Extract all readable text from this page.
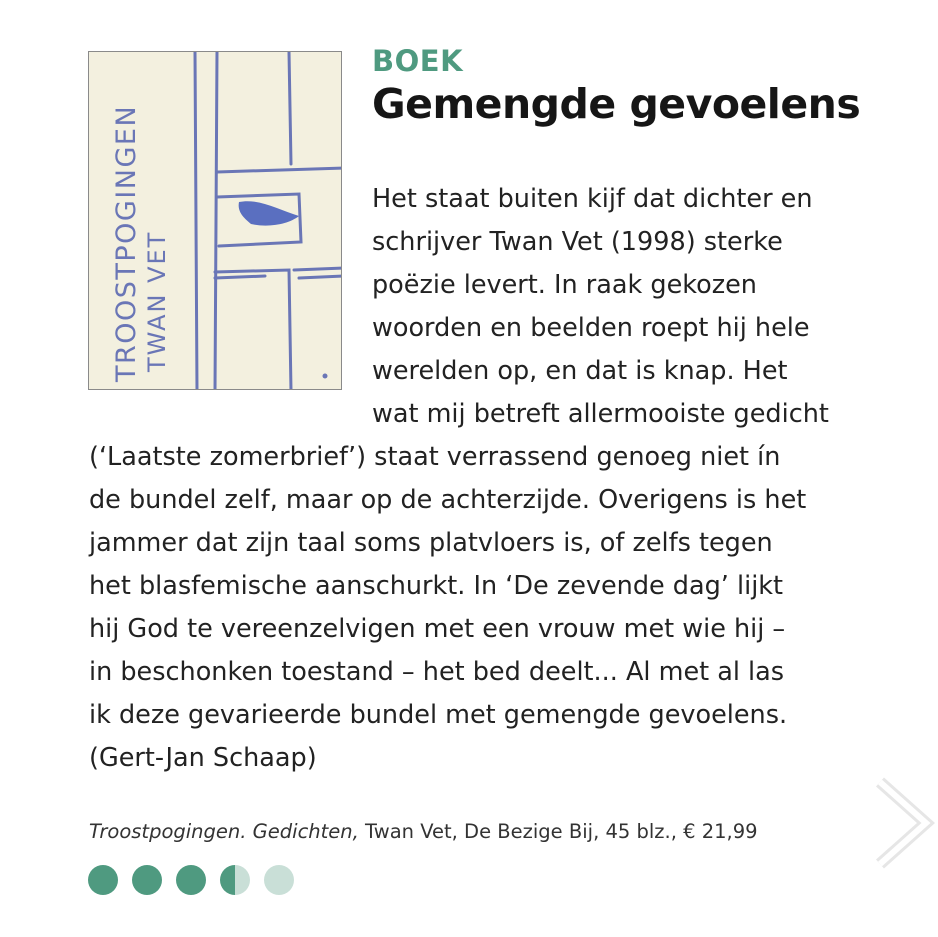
TROOSTPOGINGEN TWAN VET
BOEK
Gemengde gevoelens
Het staat buiten kijf dat dichter en
schrijver Twan Vet (1998) sterke
poëzie levert. In raak gekozen
woorden en beelden roept hij hele
werelden op, en dat is knap. Het
wat mij betreft allermooiste gedicht
(‘Laatste zomerbrief’) staat verrassend genoeg niet ín
de bundel zelf, maar op de achterzijde. Overigens is het
jammer dat zijn taal soms platvloers is, of zelfs tegen
het blasfemische aanschurkt. In ‘De zevende dag’ lijkt
hij God te vereenzelvigen met een vrouw met wie hij –
in beschonken toestand – het bed deelt... Al met al las
ik deze gevarieerde bundel met gemengde gevoelens.
(Gert-Jan Schaap)
Troostpogingen. Gedichten, Twan Vet, De Bezige Bij, 45 blz., € 21,99
